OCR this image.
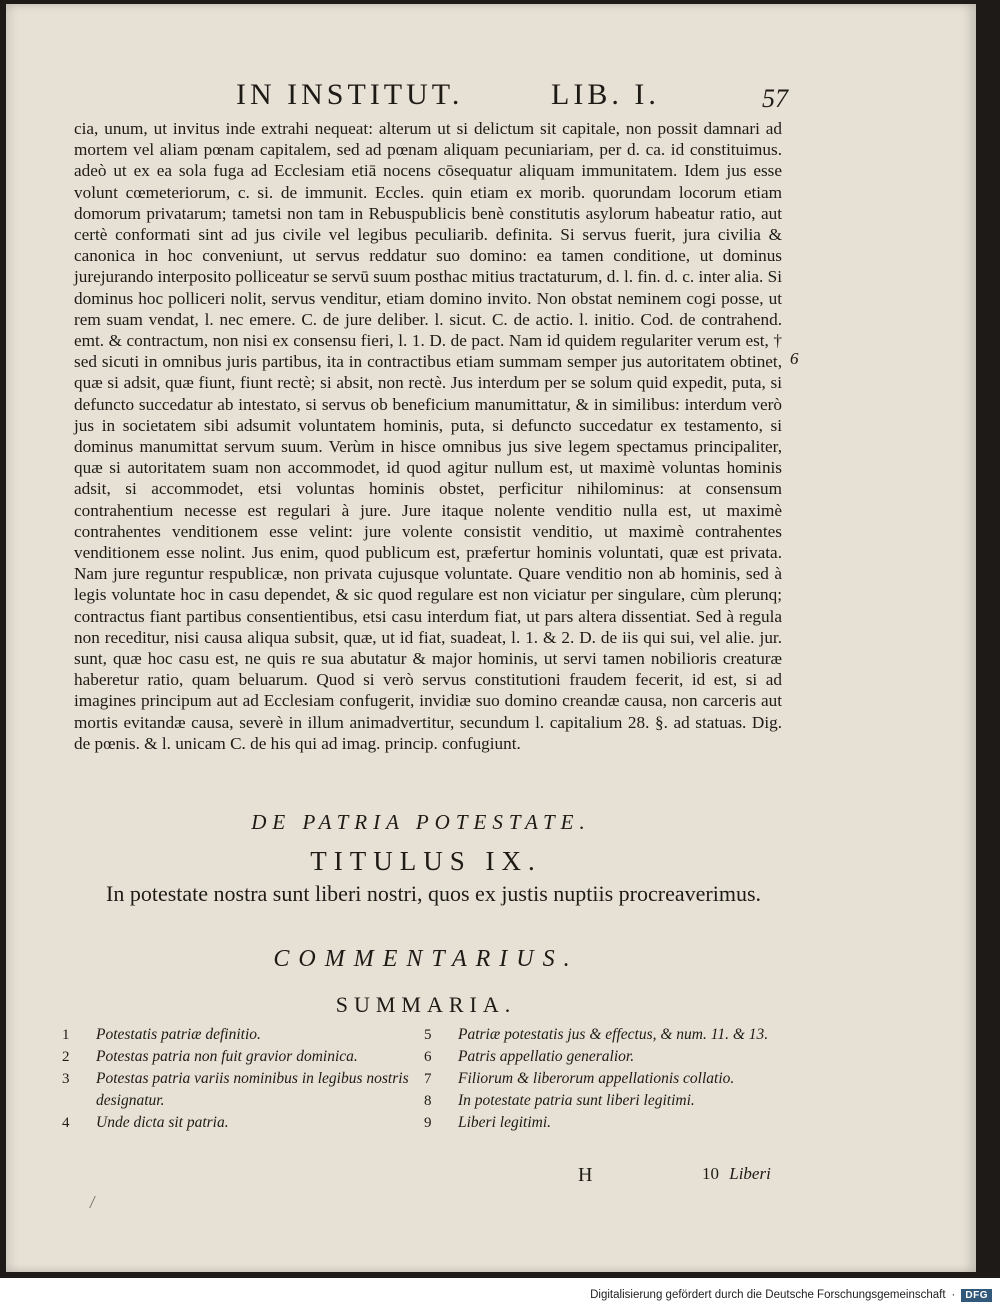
IN INSTITUT.	LIB. I.	57

cia, unum, ut invitus inde extrahi nequeat: alterum ut si delictum sit capitale, non possit damnari ad mortem vel aliam pœnam capitalem, sed ad pœnam aliquam pecuniariam, per d. ca. id constituimus. adeò ut ex ea sola fuga ad Ecclesiam etiā nocens cōsequatur aliquam immunitatem. Idem jus esse volunt cœmeteriorum, c. si. de immunit. Eccles. quin etiam ex morib. quorundam locorum etiam domorum privatarum; tametsi non tam in Rebuspublicis benè constitutis asylorum habeatur ratio, aut certè conformati sint ad jus civile vel legibus peculiarib. definita. Si servus fuerit, jura civilia & canonica in hoc conveniunt, ut servus reddatur suo domino: ea tamen conditione, ut dominus jurejurando interposito polliceatur se servū suum posthac mitius tractaturum, d. l. fin. d. c. inter alia. Si dominus hoc polliceri nolit, servus venditur, etiam domino invito. Non obstat neminem cogi posse, ut rem suam vendat, l. nec emere. C. de jure deliber. l. sicut. C. de actio. l. initio. Cod. de contrahend. emt. & contractum, non nisi ex consensu fieri, l. 1. D. de pact. Nam id quidem regulariter verum est, † sed sicuti in omnibus juris partibus, ita in contractibus etiam summam semper jus autoritatem obtinet, quæ si adsit, quæ fiunt, fiunt rectè; si absit, non rectè. Jus interdum per se solum quid expedit, puta, si defuncto succedatur ab intestato, si servus ob beneficium manumittatur, & in similibus: interdum verò jus in societatem sibi adsumit voluntatem hominis, puta, si defuncto succedatur ex testamento, si dominus manumittat servum suum. Verùm in hisce omnibus jus sive legem spectamus principaliter, quæ si autoritatem suam non accommodet, id quod agitur nullum est, ut maximè voluntas hominis adsit, si accommodet, etsi voluntas hominis obstet, perficitur nihilominus: at consensum contrahentium necesse est regulari à jure. Jure itaque nolente venditio nulla est, ut maximè contrahentes venditionem esse velint: jure volente consistit venditio, ut maximè contrahentes venditionem esse nolint. Jus enim, quod publicum est, præfertur hominis voluntati, quæ est privata. Nam jure reguntur respublicæ, non privata cujusque voluntate. Quare venditio non ab hominis, sed à legis voluntate hoc in casu dependet, & sic quod regulare est non viciatur per singulare, cùm plerunq; contractus fiant partibus consentientibus, etsi casu interdum fiat, ut pars altera dissentiat. Sed à regula non receditur, nisi causa aliqua subsit, quæ, ut id fiat, suadeat, l. 1. & 2. D. de iis qui sui, vel alie. jur. sunt, quæ hoc casu est, ne quis re sua abutatur & major hominis, ut servi tamen nobilioris creaturæ haberetur ratio, quam beluarum. Quod si verò servus constitutioni fraudem fecerit, id est, si ad imagines principum aut ad Ecclesiam confugerit, invidiæ suo domino creandæ causa, non carceris aut mortis evitandæ causa, severè in illum animadvertitur, secundum l. capitalium 28. §. ad statuas. Dig. de pœnis. & l. unicam C. de his qui ad imag. princip. confugiunt.

6
DE PATRIA POTESTATE.
TITULUS IX.
In potestate nostra sunt liberi nostri, quos ex justis nuptiis procreaverimus.
COMMENTARIUS.
SUMMARIA.
1	Potestatis patriæ definitio.
2	Potestas patria non fuit gravior dominica.
3	Potestas patria variis nominibus in legibus nostris designatur.
4	Unde dicta sit patria.
5	Patriæ potestatis jus & effectus, & num. 11. & 13.
6	Patris appellatio generalior.
7	Filiorum & liberorum appellationis collatio.
8	In potestate patria sunt liberi legitimi.
9	Liberi legitimi.
H	10 Liberi
Digitalisierung gefördert durch die Deutsche Forschungsgemeinschaft ·	DFG
